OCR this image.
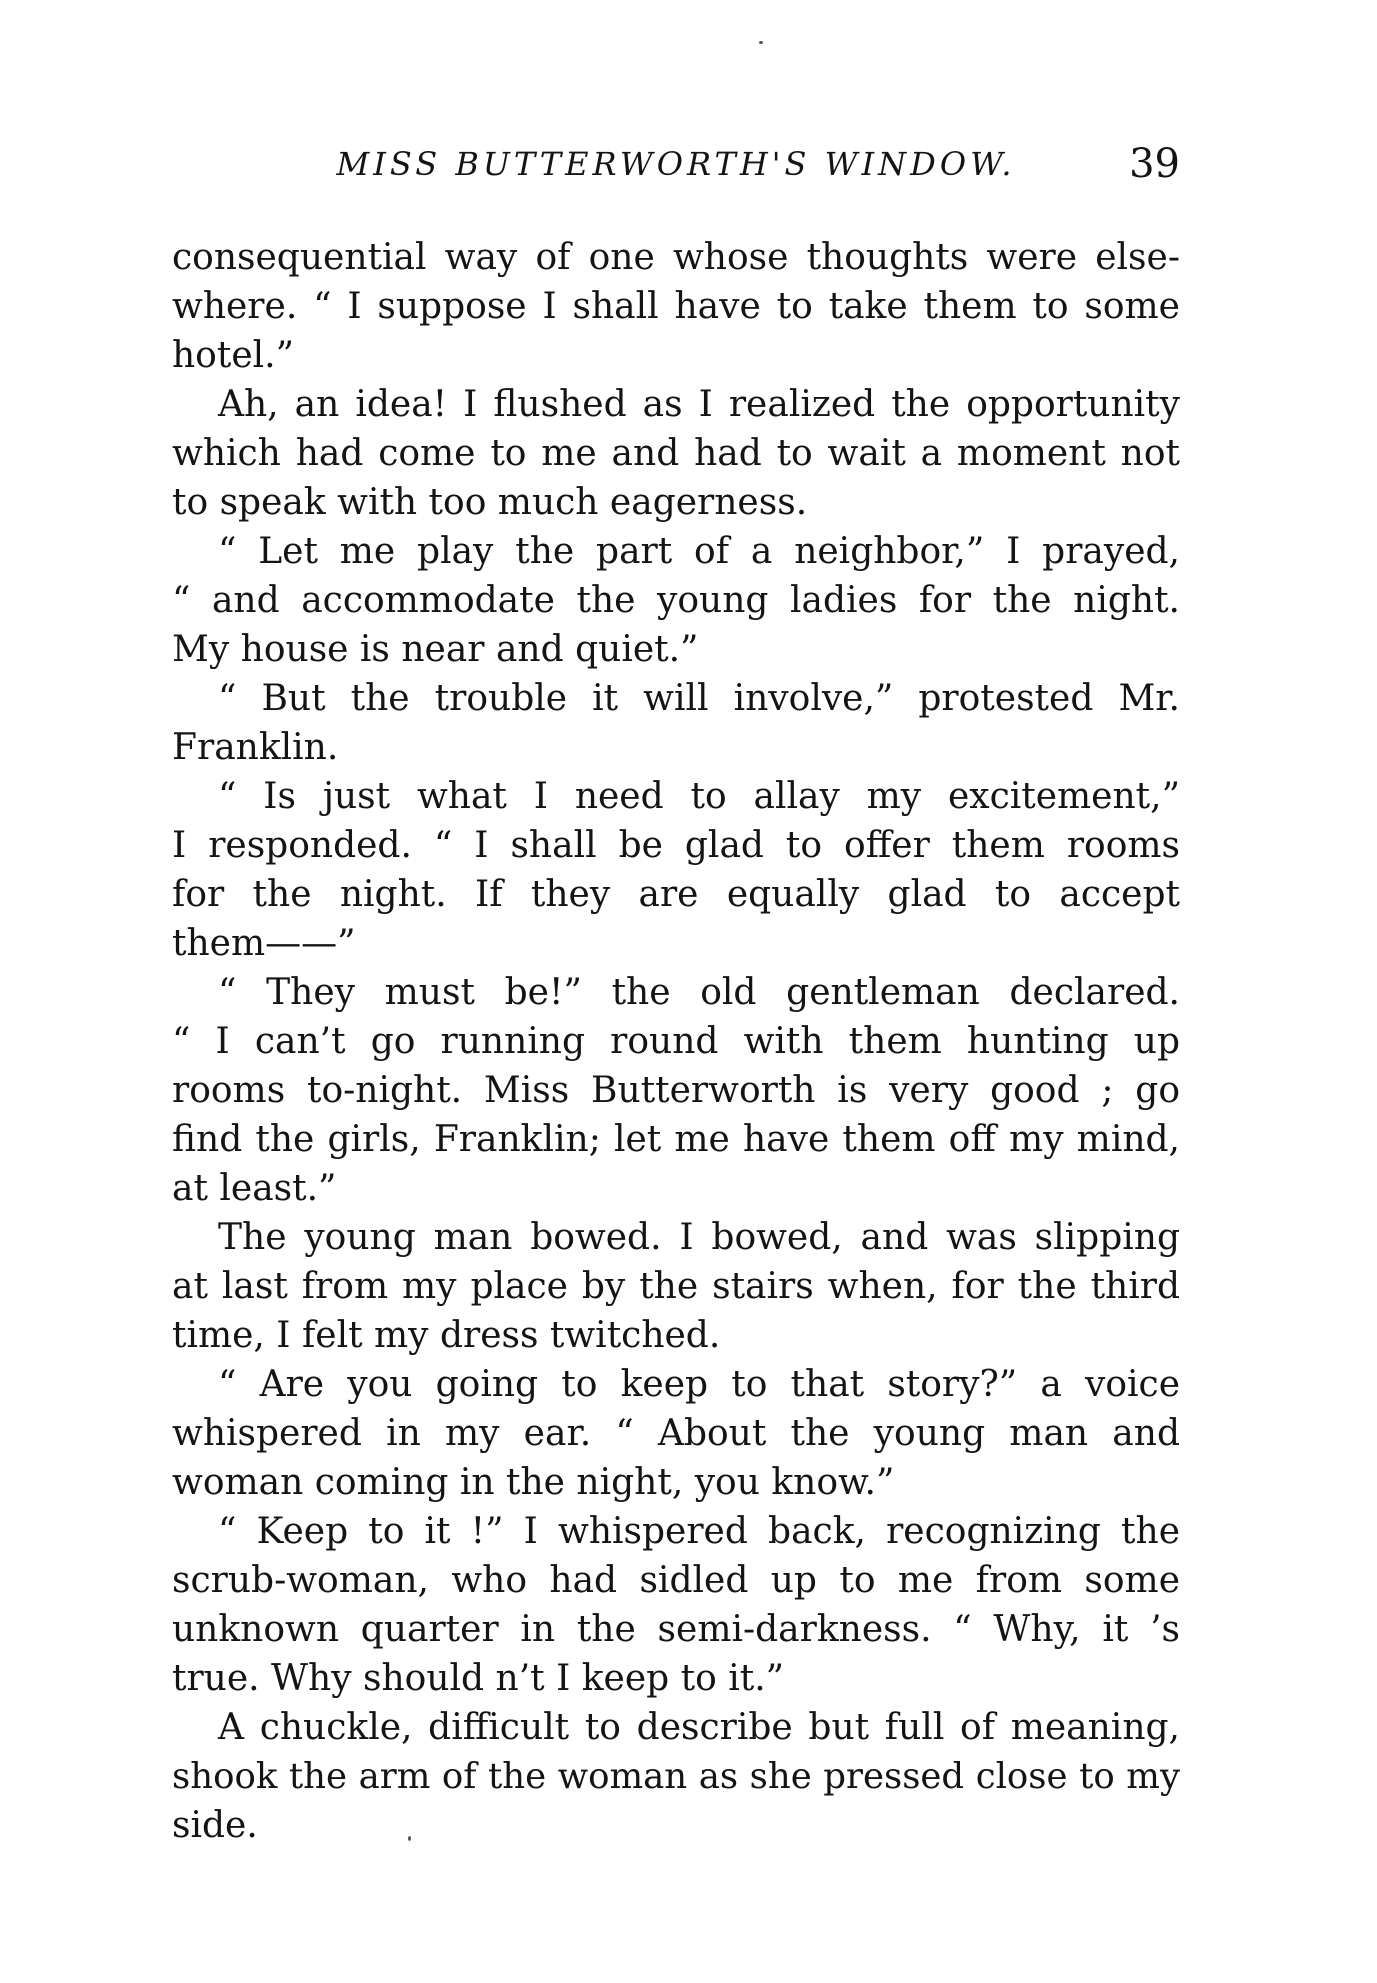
MISS BUTTERWORTH'S WINDOW.	39
consequential way of one whose thoughts were else-
where. “ I suppose I shall have to take them to some
hotel.”
Ah, an idea! I flushed as I realized the opportunity
which had come to me and had to wait a moment not
to speak with too much eagerness.
“ Let me play the part of a neighbor,” I prayed,
“ and accommodate the young ladies for the night.
My house is near and quiet.”
“ But the trouble it will involve,” protested Mr.
Franklin.
“ Is just what I need to allay my excitement,”
I responded. “ I shall be glad to offer them rooms
for the night. If they are equally glad to accept
them——”
“ They must be!” the old gentleman declared.
“ I can’t go running round with them hunting up
rooms to-night. Miss Butterworth is very good ; go
find the girls, Franklin; let me have them off my mind,
at least.”
The young man bowed. I bowed, and was slipping
at last from my place by the stairs when, for the third
time, I felt my dress twitched.
“ Are you going to keep to that story?” a voice
whispered in my ear. “ About the young man and
woman coming in the night, you know.”
“ Keep to it !” I whispered back, recognizing the
scrub-woman, who had sidled up to me from some
unknown quarter in the semi-darkness. “ Why, it ’s
true. Why should n’t I keep to it.”
A chuckle, difficult to describe but full of meaning,
shook the arm of the woman as she pressed close to my
side.
